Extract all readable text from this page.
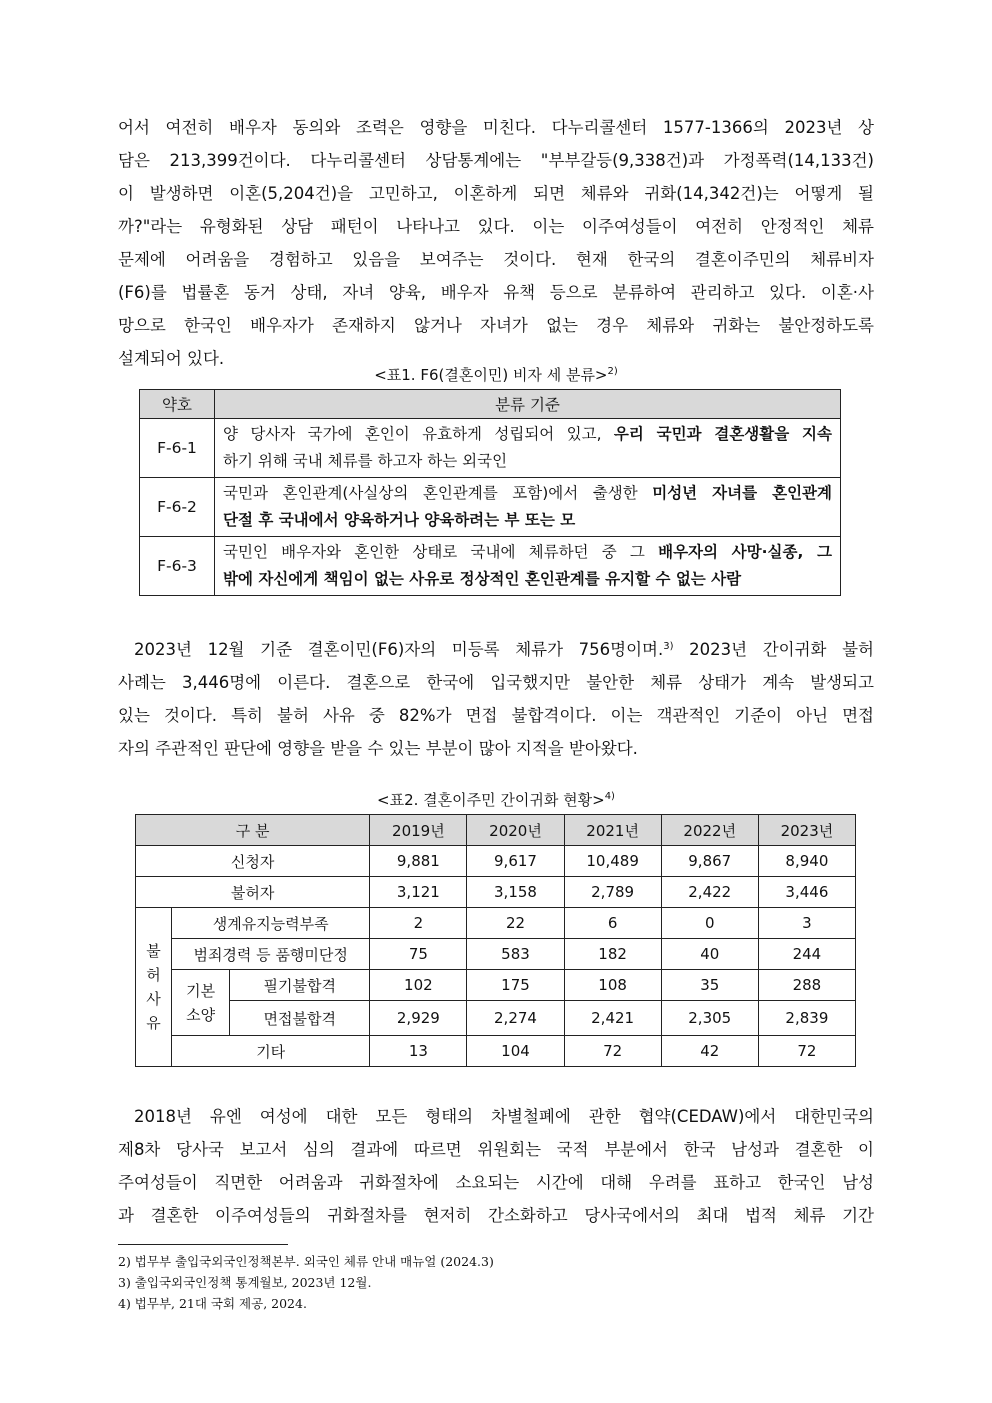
어서 여전히 배우자 동의와 조력은 영향을 미친다. 다누리콜센터 1577-1366의 2023년 상
담은 213,399건이다. 다누리콜센터 상담통계에는 "부부갈등(9,338건)과 가정폭력(14,133건)
이 발생하면 이혼(5,204건)을 고민하고, 이혼하게 되면 체류와 귀화(14,342건)는 어떻게 될
까?"라는 유형화된 상담 패턴이 나타나고 있다. 이는 이주여성들이 여전히 안정적인 체류
문제에 어려움을 경험하고 있음을 보여주는 것이다. 현재 한국의 결혼이주민의 체류비자
(F6)를 법률혼 동거 상태, 자녀 양육, 배우자 유책 등으로 분류하여 관리하고 있다. 이혼·사
망으로 한국인 배우자가 존재하지 않거나 자녀가 없는 경우 체류와 귀화는 불안정하도록
설계되어 있다.
<표1. F6(결혼이민) 비자 세 분류>$^{2)}$
약호	분류 기준
F-6-1	양 당사자 국가에 혼인이 유효하게 성립되어 있고, 우리 국민과 결혼생활을 지속
하기 위해 국내 체류를 하고자 하는 외국인

F-6-2	국민과 혼인관계(사실상의 혼인관계를 포함)에서 출생한 미성년 자녀를 혼인관계
단절 후 국내에서 양육하거나 양육하려는 부 또는 모

F-6-3	국민인 배우자와 혼인한 상태로 국내에 체류하던 중 그 배우자의 사망·실종, 그
밖에 자신에게 책임이 없는 사유로 정상적인 혼인관계를 유지할 수 없는 사람
2023년 12월 기준 결혼이민(F6)자의 미등록 체류가 756명이며.$^{3)}$ 2023년 간이귀화 불허
사례는 3,446명에 이른다. 결혼으로 한국에 입국했지만 불안한 체류 상태가 계속 발생되고
있는 것이다. 특히 불허 사유 중 82%가 면접 불합격이다. 이는 객관적인 기준이 아닌 면접
자의 주관적인 판단에 영향을 받을 수 있는 부분이 많아 지적을 받아왔다.
<표2. 결혼이주민 간이귀화 현황>$^{4)}$
구 분			2019년	2020년	2021년	2022년	2023년
신청자			9,881	9,617	10,489	9,867	8,940
불허자			3,121	3,158	2,789	2,422	3,446

불
허
사
유	생계유지능력부족		2	22	6	0	3
	범죄경력 등 품행미단정		75	583	182	40	244

	기본
소양	필기불합격	102	175	108	35	288
		면접불합격	2,929	2,274	2,421	2,305	2,839
	기타		13	104	72	42	72
2018년 유엔 여성에 대한 모든 형태의 차별철폐에 관한 협약(CEDAW)에서 대한민국의
제8차 당사국 보고서 심의 결과에 따르면 위원회는 국적 부분에서 한국 남성과 결혼한 이
주여성들이 직면한 어려움과 귀화절차에 소요되는 시간에 대해 우려를 표하고 한국인 남성
과 결혼한 이주여성들의 귀화절차를 현저히 간소화하고 당사국에서의 최대 법적 체류 기간
2) 법무부 출입국외국인정책본부. 외국인 체류 안내 매뉴얼 (2024.3)
3) 출입국외국인정책 통계월보, 2023년 12월.
4) 법무부, 21대 국회 제공, 2024.
